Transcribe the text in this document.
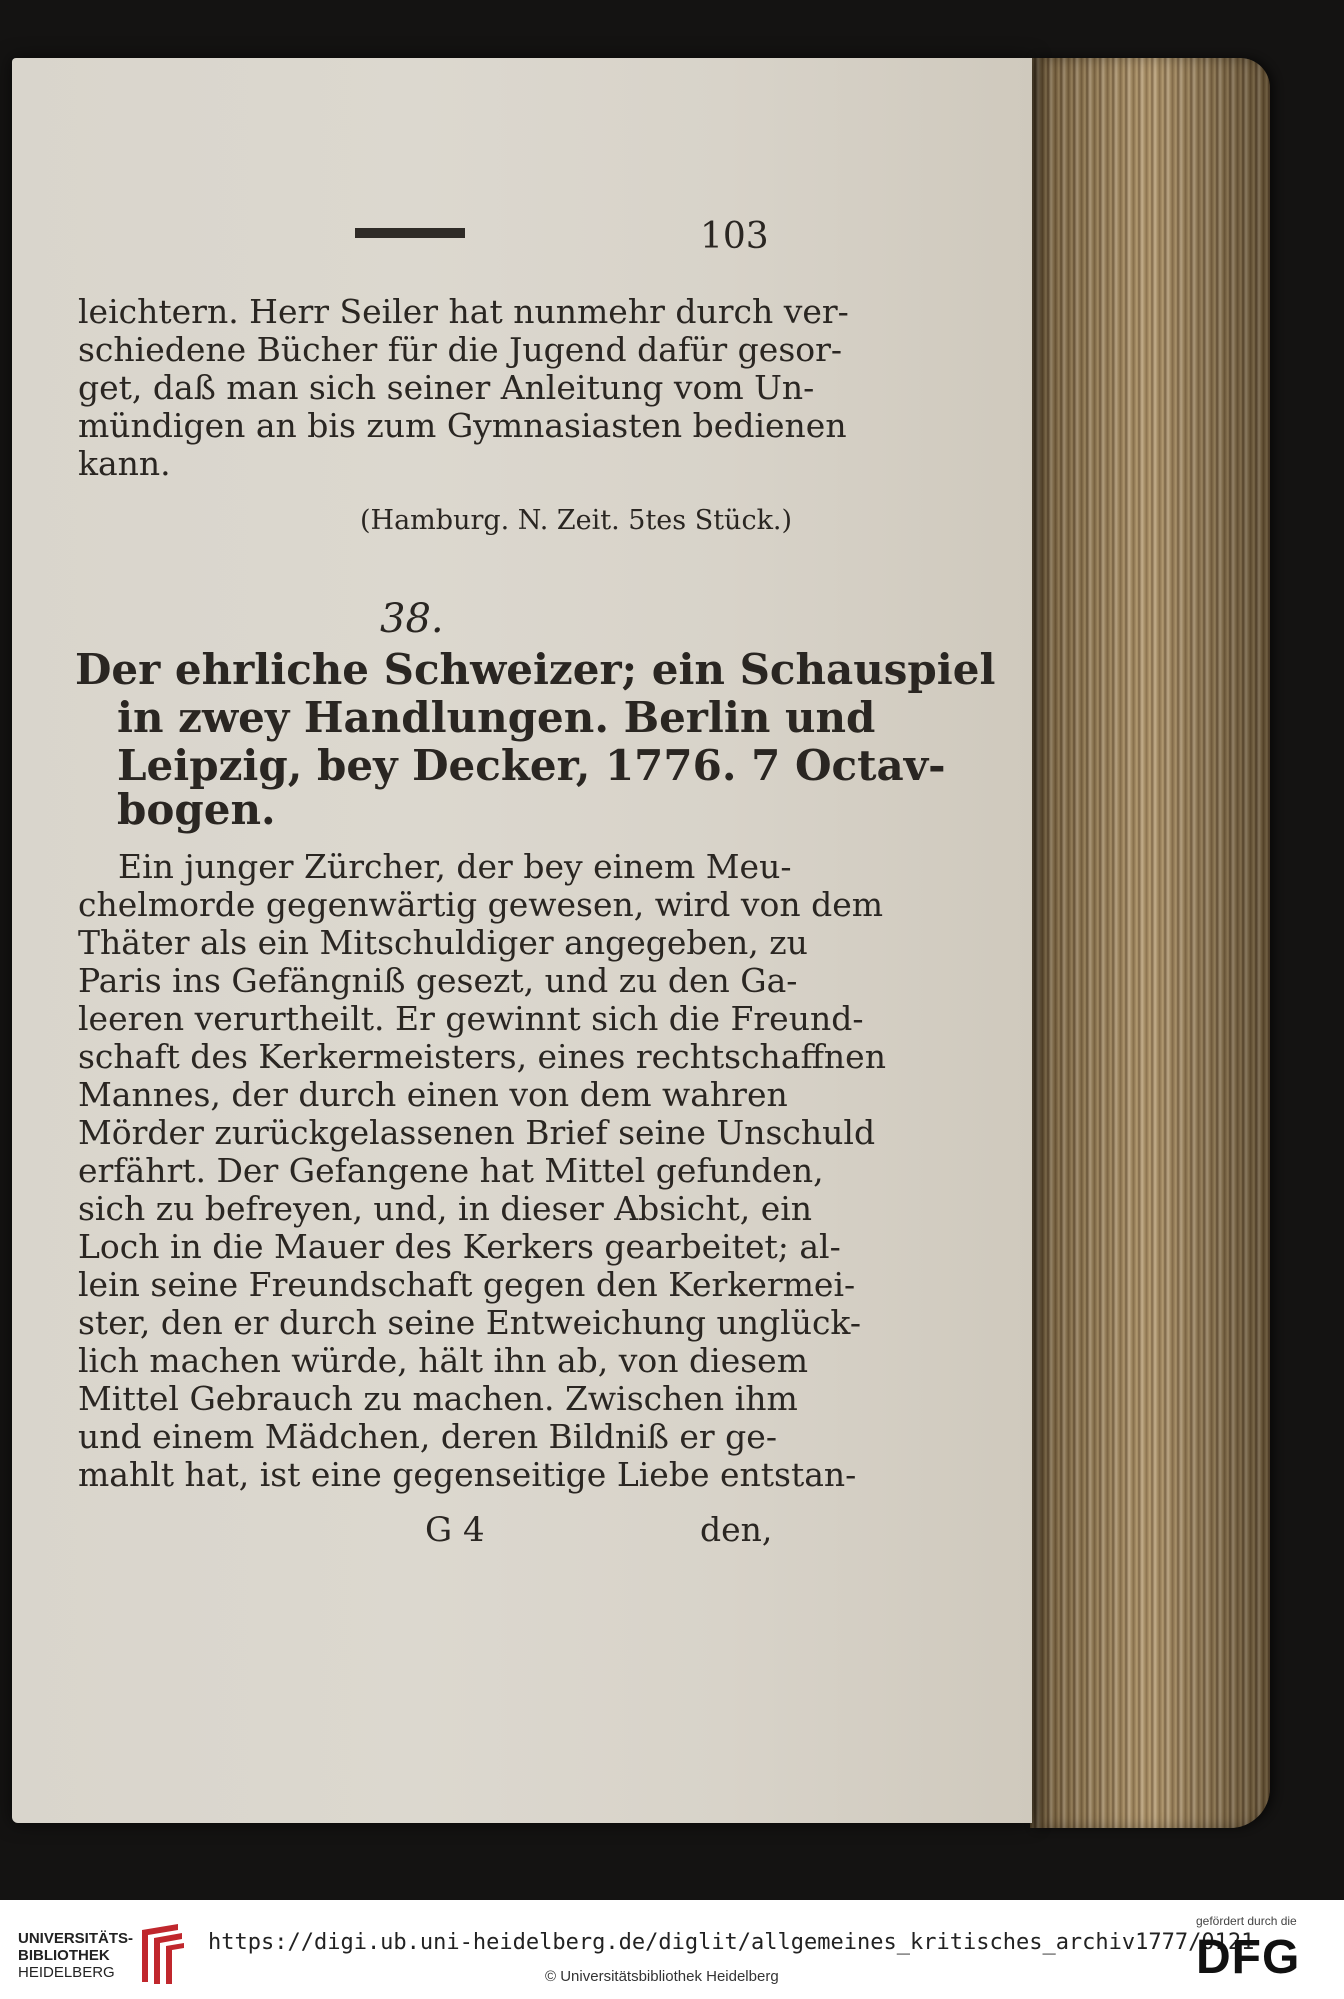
103
leichtern. Herr Seiler hat nunmehr durch ver-
schiedene Bücher für die Jugend dafür gesor-
get, daß man sich seiner Anleitung vom Un-
mündigen an bis zum Gymnasiasten bedienen
kann.
(Hamburg. N. Zeit. 5tes Stück.)
38.
Der ehrliche Schweizer; ein Schauspiel
in zwey Handlungen. Berlin und
Leipzig, bey Decker, 1776. 7 Octav-
bogen.
Ein junger Zürcher, der bey einem Meu-
chelmorde gegenwärtig gewesen, wird von dem
Thäter als ein Mitschuldiger angegeben, zu
Paris ins Gefängniß gesezt, und zu den Ga-
leeren verurtheilt. Er gewinnt sich die Freund-
schaft des Kerkermeisters, eines rechtschaffnen
Mannes, der durch einen von dem wahren
Mörder zurückgelassenen Brief seine Unschuld
erfährt. Der Gefangene hat Mittel gefunden,
sich zu befreyen, und, in dieser Absicht, ein
Loch in die Mauer des Kerkers gearbeitet; al-
lein seine Freundschaft gegen den Kerkermei-
ster, den er durch seine Entweichung unglück-
lich machen würde, hält ihn ab, von diesem
Mittel Gebrauch zu machen. Zwischen ihm
und einem Mädchen, deren Bildniß er ge-
mahlt hat, ist eine gegenseitige Liebe entstan-
G 4	den,
UNIVERSITÄTS-
BIBLIOTHEK
HEIDELBERG
https://digi.ub.uni-heidelberg.de/diglit/allgemeines_kritisches_archiv1777/0121
© Universitätsbibliothek Heidelberg
gefördert durch die
DFG
